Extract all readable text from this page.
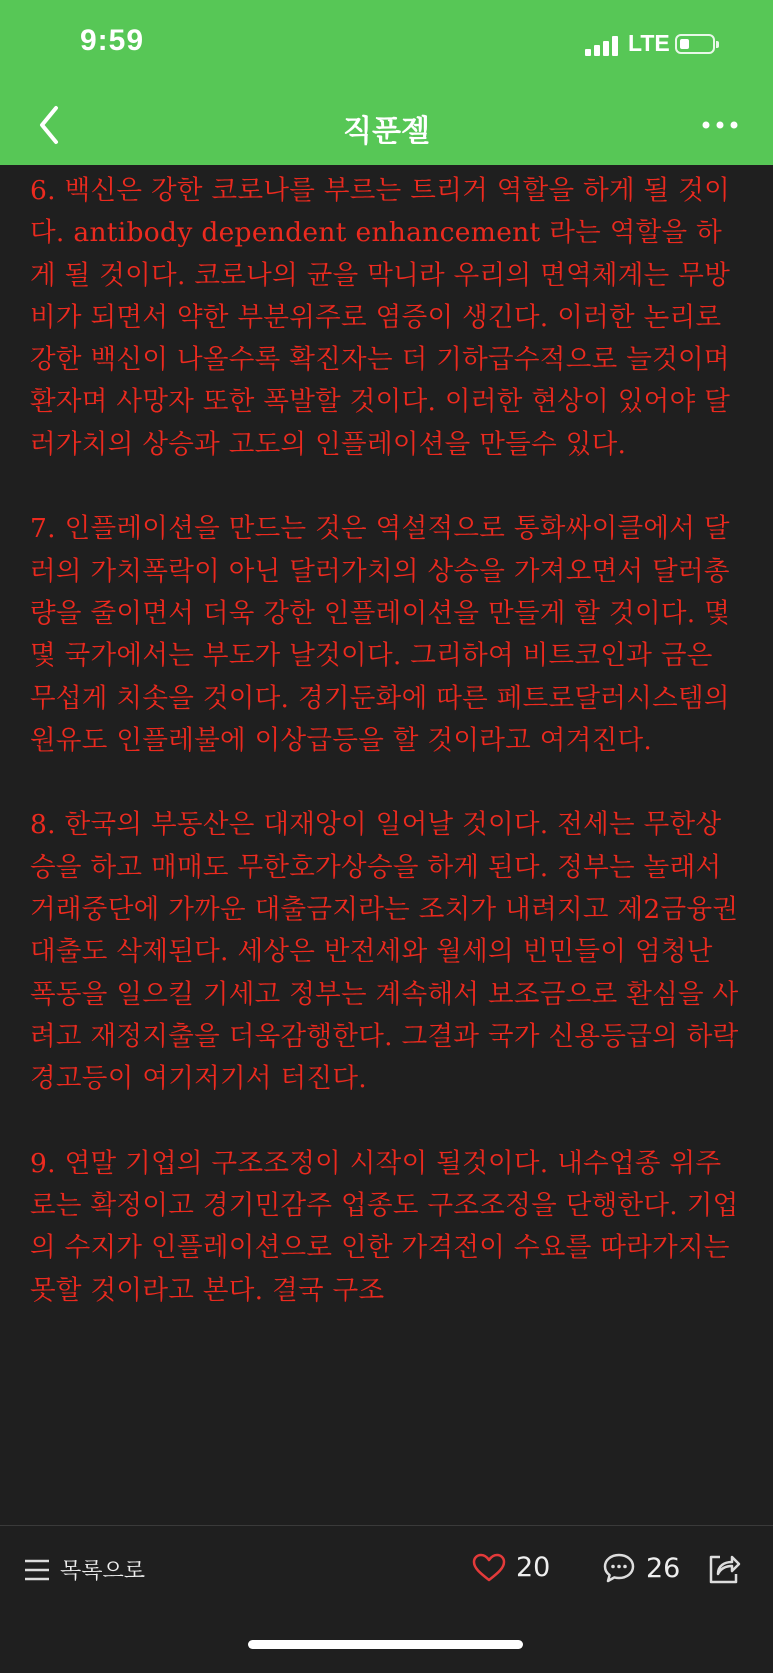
9:59	LTE
직푼젤

6. 백신은 강한 코로나를 부르는 트리거 역할을 하게 될 것이다. antibody dependent enhancement 라는 역할을 하게 될 것이다. 코로나의 균을 막니라 우리의 면역체계는 무방비가 되면서 약한 부분위주로 염증이 생긴다. 이러한 논리로 강한 백신이 나올수록 확진자는 더 기하급수적으로 늘것이며 환자며 사망자 또한 폭발할 것이다. 이러한 현상이 있어야 달러가치의 상승과 고도의 인플레이션을 만들수 있다.

7. 인플레이션을 만드는 것은 역설적으로 통화싸이클에서 달러의 가치폭락이 아닌 달러가치의 상승을 가져오면서 달러총량을 줄이면서 더욱 강한 인플레이션을 만들게 할 것이다. 몇몇 국가에서는 부도가 날것이다. 그리하여 비트코인과 금은 무섭게 치솟을 것이다. 경기둔화에 따른 페트로달러시스템의 원유도 인플레불에 이상급등을 할 것이라고 여겨진다.

8. 한국의 부동산은 대재앙이 일어날 것이다. 전세는 무한상승을 하고 매매도 무한호가상승을 하게 된다. 정부는 놀래서 거래중단에 가까운 대출금지라는 조치가 내려지고 제2금융권 대출도 삭제된다. 세상은 반전세와 월세의 빈민들이 엄청난 폭동을 일으킬 기세고 정부는 계속해서 보조금으로 환심을 사려고 재정지출을 더욱감행한다. 그결과 국가 신용등급의 하락 경고등이 여기저기서 터진다.

9. 연말 기업의 구조조정이 시작이 될것이다. 내수업종 위주로는 확정이고 경기민감주 업종도 구조조정을 단행한다. 기업의 수지가 인플레이션으로 인한 가격전이 수요를 따라가지는 못할 것이라고 본다. 결국 구조

목록으로	20	26
